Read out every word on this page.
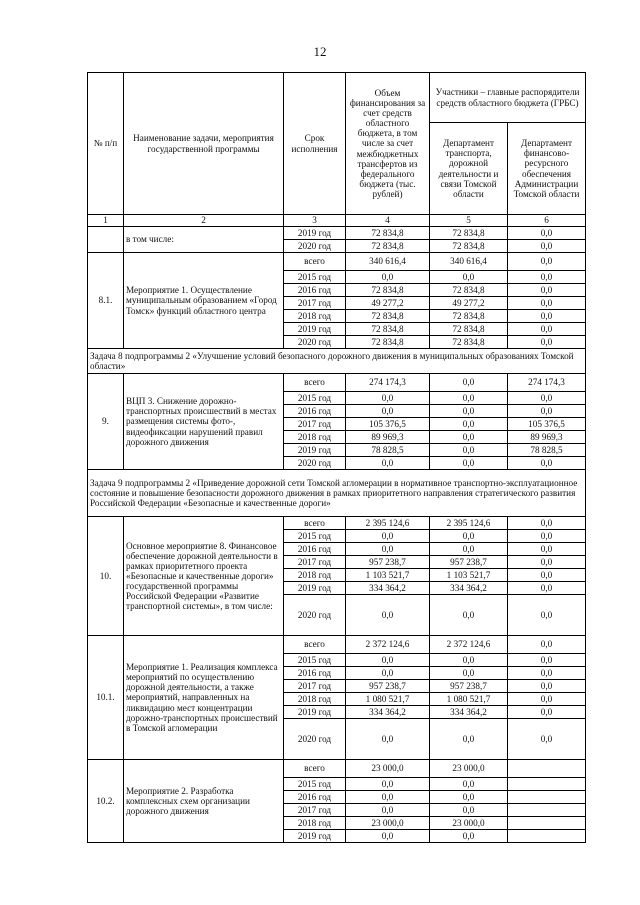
12
№ п/п	Наименование задачи, мероприятия государственной программы	Срок исполнения	Объем финансирования за счет средств областного бюджета, в том числе за счет межбюджетных трансфертов из федерального бюджета (тыс. рублей)	Участники – главные распорядители средств областного бюджета (ГРБС)	
				Департамент транспорта, дорожной деятельности и связи Томской области	Департамент финансово-ресурсного обеспечения Администрации Томской области
1	2	3	4	5	6
	в том числе:	2019 год	72 834,8	72 834,8	0,0
		2020 год	72 834,8	72 834,8	0,0
8.1.	Мероприятие 1. Осуществление муниципальным образованием «Город Томск» функций областного центра	всего	340 616,4	340 616,4	0,0
		2015 год	0,0	0,0	0,0
		2016 год	72 834,8	72 834,8	0,0
		2017 год	49 277,2	49 277,2	0,0
		2018 год	72 834,8	72 834,8	0,0
		2019 год	72 834,8	72 834,8	0,0
		2020 год	72 834,8	72 834,8	0,0
Задача 8 подпрограммы 2 «Улучшение условий безопасного дорожного движения в муниципальных образованиях Томской области»					
9.	ВЦП 3. Снижение дорожно-транспортных происшествий в местах размещения системы фото-, видеофиксации нарушений правил дорожного движения	всего	274 174,3	0,0	274 174,3
		2015 год	0,0	0,0	0,0
		2016 год	0,0	0,0	0,0
		2017 год	105 376,5	0,0	105 376,5
		2018 год	89 969,3	0,0	89 969,3
		2019 год	78 828,5	0,0	78 828,5
		2020 год	0,0	0,0	0,0
Задача 9 подпрограммы 2 «Приведение дорожной сети Томской агломерации в нормативное транспортно-эксплуатационное состояние и повышение безопасности дорожного движения в рамках приоритетного направления стратегического развития Российской Федерации «Безопасные и качественные дороги»					
10.	Основное мероприятие 8. Финансовое обеспечение дорожной деятельности в рамках приоритетного проекта «Безопасные и качественные дороги» государственной программы Российской Федерации «Развитие транспортной системы», в том числе:	всего	2 395 124,6	2 395 124,6	0,0
		2015 год	0,0	0,0	0,0
		2016 год	0,0	0,0	0,0
		2017 год	957 238,7	957 238,7	0,0
		2018 год	1 103 521,7	1 103 521,7	0,0
		2019 год	334 364,2	334 364,2	0,0
		2020 год	0,0	0,0	0,0
10.1.	Мероприятие 1. Реализация комплекса мероприятий по осуществлению дорожной деятельности, а также мероприятий, направленных на ликвидацию мест концентрации дорожно-транспортных происшествий в Томской агломерации	всего	2 372 124,6	2 372 124,6	0,0
		2015 год	0,0	0,0	0,0
		2016 год	0,0	0,0	0,0
		2017 год	957 238,7	957 238,7	0,0
		2018 год	1 080 521,7	1 080 521,7	0,0
		2019 год	334 364,2	334 364,2	0,0
		2020 год	0,0	0,0	0,0
10.2.	Мероприятие 2. Разработка комплексных схем организации дорожного движения	всего	23 000,0	23 000,0	
		2015 год	0,0	0,0	
		2016 год	0,0	0,0	
		2017 год	0,0	0,0	
		2018 год	23 000,0	23 000,0	
		2019 год	0,0	0,0	
